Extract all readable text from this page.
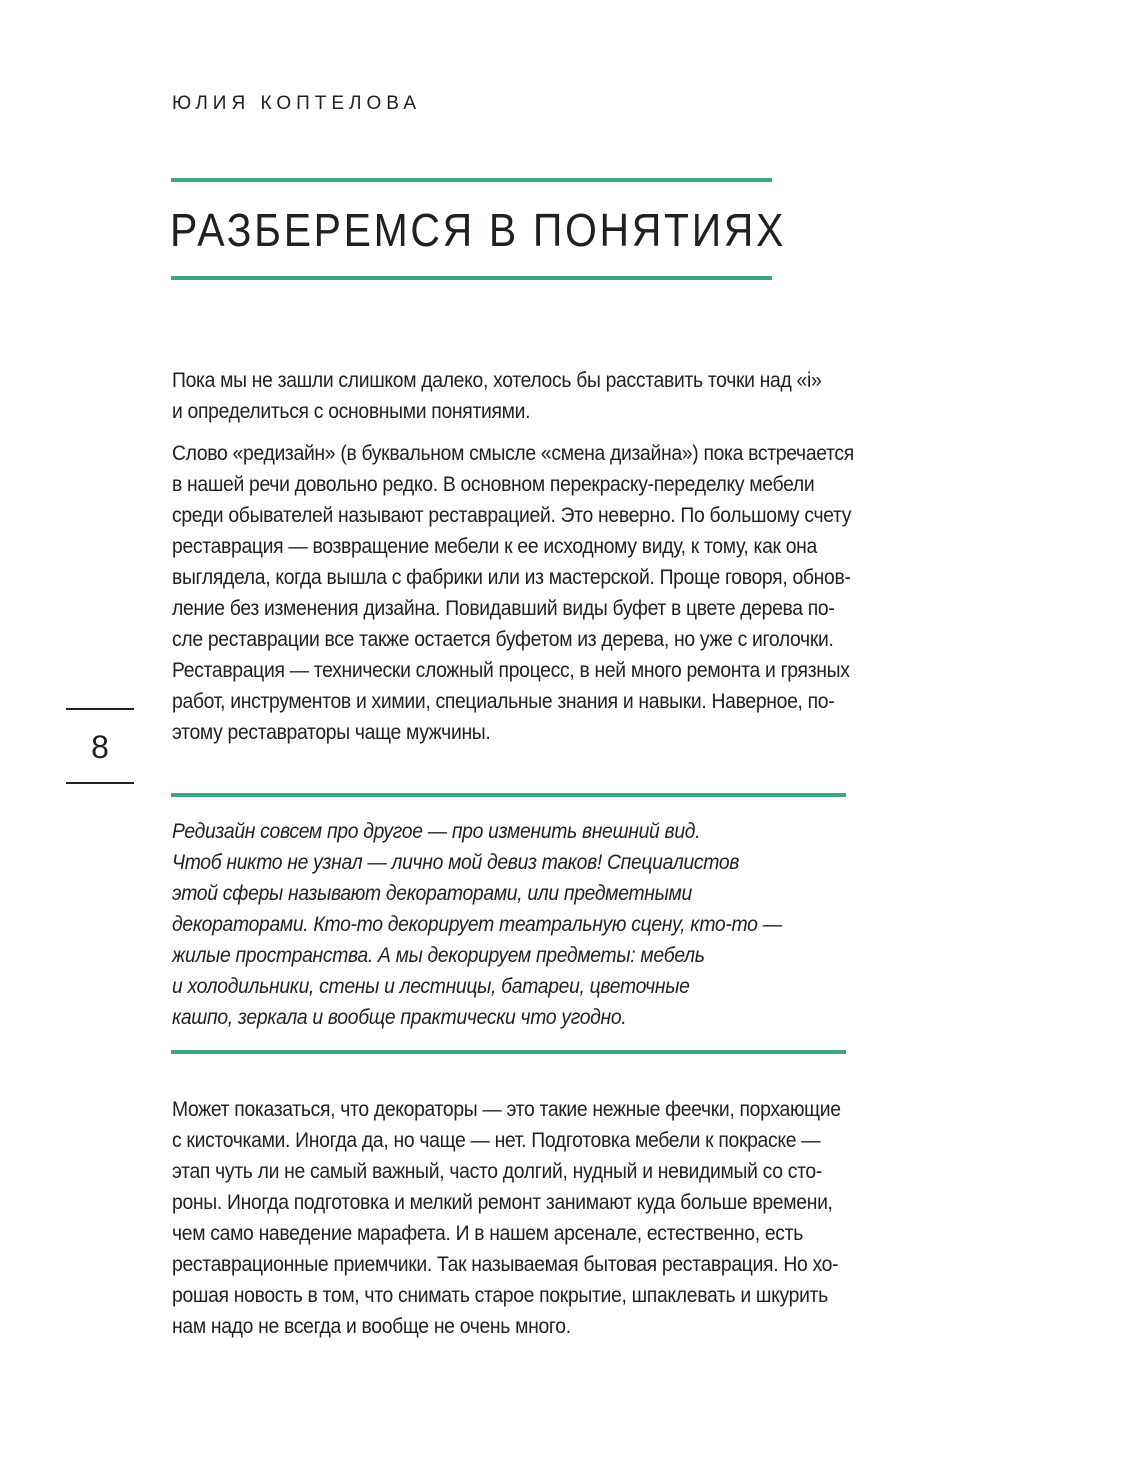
ЮЛИЯ КОПТЕЛОВА
РАЗБЕРЕМСЯ В ПОНЯТИЯХ
Пока мы не зашли слишком далеко, хотелось бы расставить точки над «i»
и определиться с основными понятиями.
Слово «редизайн» (в буквальном смысле «смена дизайна») пока встречается
в нашей речи довольно редко. В основном перекраску-переделку мебели
среди обывателей называют реставрацией. Это неверно. По большому счету
реставрация — возвращение мебели к ее исходному виду, к тому, как она
выглядела, когда вышла с фабрики или из мастерской. Проще говоря, обнов-
ление без изменения дизайна. Повидавший виды буфет в цвете дерева по-
сле реставрации все также остается буфетом из дерева, но уже с иголочки.
Реставрация — технически сложный процесс, в ней много ремонта и грязных
работ, инструментов и химии, специальные знания и навыки. Наверное, по-
этому реставраторы чаще мужчины.
8
Редизайн совсем про другое — про изменить внешний вид.
Чтоб никто не узнал — лично мой девиз таков! Специалистов
этой сферы называют декораторами, или предметными
декораторами. Кто-то декорирует театральную сцену, кто-то —
жилые пространства. А мы декорируем предметы: мебель
и холодильники, стены и лестницы, батареи, цветочные
кашпо, зеркала и вообще практически что угодно.
Может показаться, что декораторы — это такие нежные феечки, порхающие
с кисточками. Иногда да, но чаще — нет. Подготовка мебели к покраске —
этап чуть ли не самый важный, часто долгий, нудный и невидимый со сто-
роны. Иногда подготовка и мелкий ремонт занимают куда больше времени,
чем само наведение марафета. И в нашем арсенале, естественно, есть
реставрационные приемчики. Так называемая бытовая реставрация. Но хо-
рошая новость в том, что снимать старое покрытие, шпаклевать и шкурить
нам надо не всегда и вообще не очень много.
